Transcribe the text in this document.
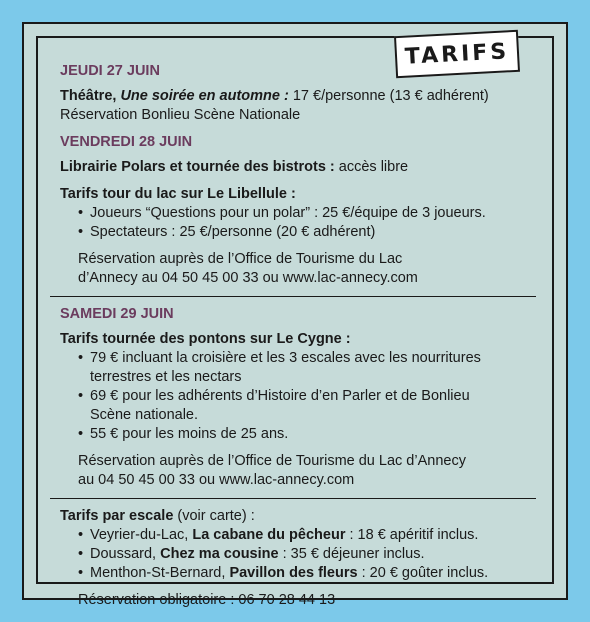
TARIFS

JEUDI 27 JUIN

Théâtre, Une soirée en automne : 17 €/personne (13 € adhérent)

Réservation Bonlieu Scène Nationale

VENDREDI 28 JUIN

Librairie Polars et tournée des bistrots : accès libre

Tarifs tour du lac sur Le Libellule :

• Joueurs “Questions pour un polar” : 25 €/équipe de 3 joueurs.
• Spectateurs : 25 €/personne (20 € adhérent)

Réservation auprès de l’Office de Tourisme du Lac

d’Annecy au 04 50 45 00 33 ou www.lac-annecy.com

SAMEDI 29 JUIN

Tarifs tournée des pontons sur Le Cygne :

• 79 € incluant la croisière et les 3 escales avec les nourritures
terrestres et les nectars
• 69 € pour les adhérents d’Histoire d’en Parler et de Bonlieu
Scène nationale.
• 55 € pour les moins de 25 ans.

Réservation auprès de l’Office de Tourisme du Lac d’Annecy

au 04 50 45 00 33 ou www.lac-annecy.com

Tarifs par escale (voir carte) :

• Veyrier-du-Lac, La cabane du pêcheur : 18 € apéritif inclus.
• Doussard, Chez ma cousine : 35 € déjeuner inclus.
• Menthon-St-Bernard, Pavillon des fleurs : 20 € goûter inclus.

Réservation obligatoire : 06 70 28 44 13
